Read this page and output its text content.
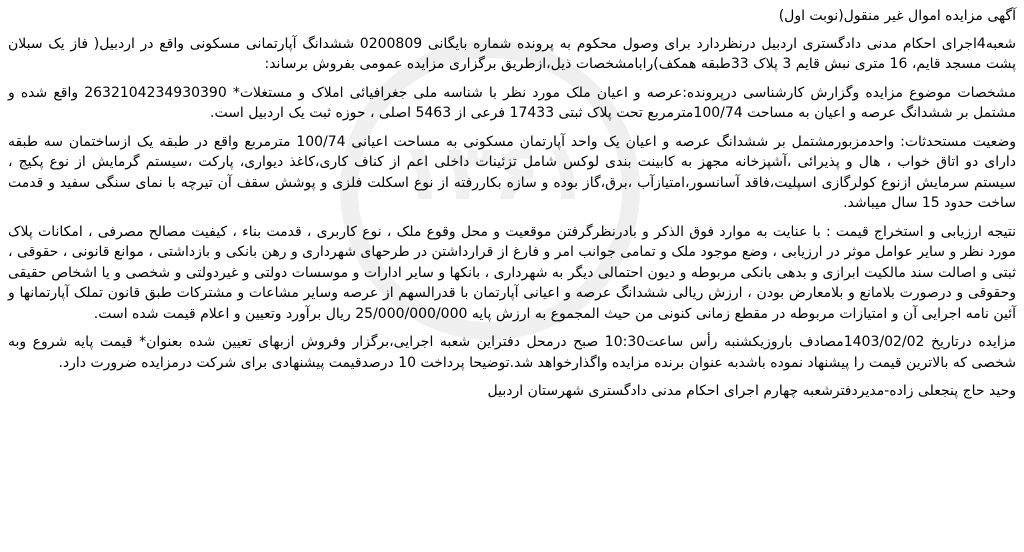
۱۳۶۱

آگهی مزایده اموال غیر منقول(نوبت اول)

شعبه4اجرای احکام مدنی دادگستری اردبیل درنظردارد برای وصول محکوم به پرونده شماره بایگانی 0200809 ششدانگ آپارتمانی مسکونی واقع در اردبیل( فاز یک سبلان پشت مسجد قایم، 16 متری نبش قایم 3 پلاک 33طبقه همکف)رابامشخصات ذیل،ازطریق برگزاری مزایده عمومی بفروش برساند:

مشخصات موضوع مزایده وگزارش کارشناسی درپرونده:عرصه و اعیان ملک مورد نظر با شناسه ملی جغرافیائی املاک و مستغلات* 2632104234930390 واقع شده و مشتمل بر ششدانگ عرصه و اعیان به مساحت 100/74مترمربع تحت پلاک ثبتی 17433 فرعی از 5463 اصلی ، حوزه ثبت یک اردبیل است.

وضعیت مستحدثات: واحدمزبورمشتمل بر ششدانگ عرصه و اعیان یک واحد آپارتمان مسکونی به مساحت اعیانی 100/74 مترمربع واقع در طبقه یک ازساختمان سه طبقه دارای دو اتاق خواب ، هال و پذیرائی ،آشپزخانه مجهز به کابینت بندی لوکس شامل تزئینات داخلی اعم از کناف کاری،کاغذ دیواری، پارکت ،سیستم گرمایش از نوع پکیج ، سیستم سرمایش ازنوع کولرگازی اسپلیت،فاقد آسانسور،امتیازآب ،برق،گاز بوده و سازه بکاررفته از نوع اسکلت فلزی و پوشش سقف آن تیرچه با نمای سنگی سفید و قدمت ساخت حدود 15 سال میباشد.

نتیجه ارزیابی و استخراج قیمت : با عنایت به موارد فوق الذکر و بادرنظرگرفتن موقعیت و محل وقوع ملک ، نوع کاربری ، قدمت بناء ، کیفیت مصالح مصرفی ، امکانات پلاک مورد نظر و سایر عوامل موثر در ارزیابی ، وضع موجود ملک و تمامی جوانب امر و فارغ از قرارداشتن در طرحهای شهرداری و رهن بانکی و بازداشتی ، موانع قانونی ، حقوقی ، ثبتی و اصالت سند مالکیت ابرازی و بدهی بانکی مربوطه و دیون احتمالی دیگر به شهرداری ، بانکها و سایر ادارات و موسسات دولتی و غیردولتی و شخصی و یا اشخاص حقیقی وحقوقی و درصورت بلامانع و بلامعارض بودن ، ارزش ریالی ششدانگ عرصه و اعیانی آپارتمان با قدرالسهم از عرصه وسایر مشاعات و مشترکات طبق قانون تملک آپارتمانها و آئین نامه اجرایی آن و امتیازات مربوطه در مقطع زمانی کنونی من حیث المجموع به ارزش پایه 25/000/000/000 ریال برآورد وتعیین و اعلام قیمت شده است.

مزایده درتاریخ 1403/02/02مصادف باروزیکشنبه رأس ساعت10:30 صبح درمحل دفتراین شعبه اجرایی،برگزار وفروش ازبهای تعیین شده بعنوان* قیمت پایه شروع وبه شخصی که بالاترین قیمت را پیشنهاد نموده باشدبه عنوان برنده مزایده واگذارخواهد شد.توضیحا پرداخت 10 درصدقیمت پیشنهادی برای شرکت درمزایده ضرورت دارد.

وحید حاج پنجعلی زاده-مدیردفترشعبه چهارم اجرای احکام مدنی دادگستری شهرستان اردبیل
